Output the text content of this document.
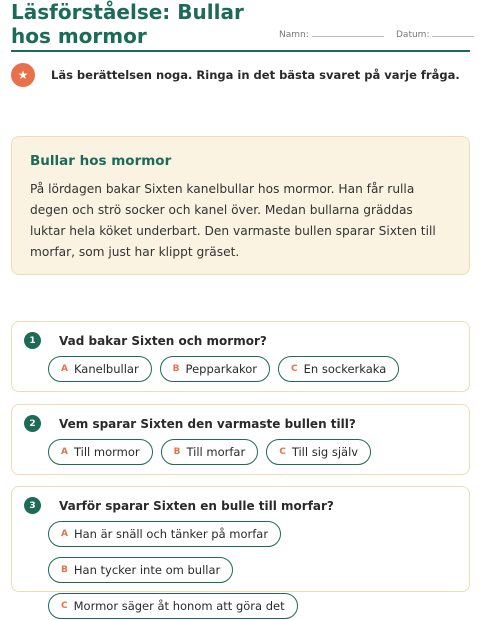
Läsförståelse: Bullar hos mormor	Namn:	Datum:
★	Läs berättelsen noga. Ringa in det bästa svaret på varje fråga.
Bullar hos mormor
På lördagen bakar Sixten kanelbullar hos mormor. Han får rulla degen och strö socker och kanel över. Medan bullarna gräddas luktar hela köket underbart. Den varmaste bullen sparar Sixten till morfar, som just har klippt gräset.
1	Vad bakar Sixten och mormor?
A Kanelbullar	B Pepparkakor	C En sockerkaka
2	Vem sparar Sixten den varmaste bullen till?
A Till mormor	B Till morfar	C Till sig själv
3	Varför sparar Sixten en bulle till morfar?
A Han är snäll och tänker på morfar
B Han tycker inte om bullar
C Mormor säger åt honom att göra det
